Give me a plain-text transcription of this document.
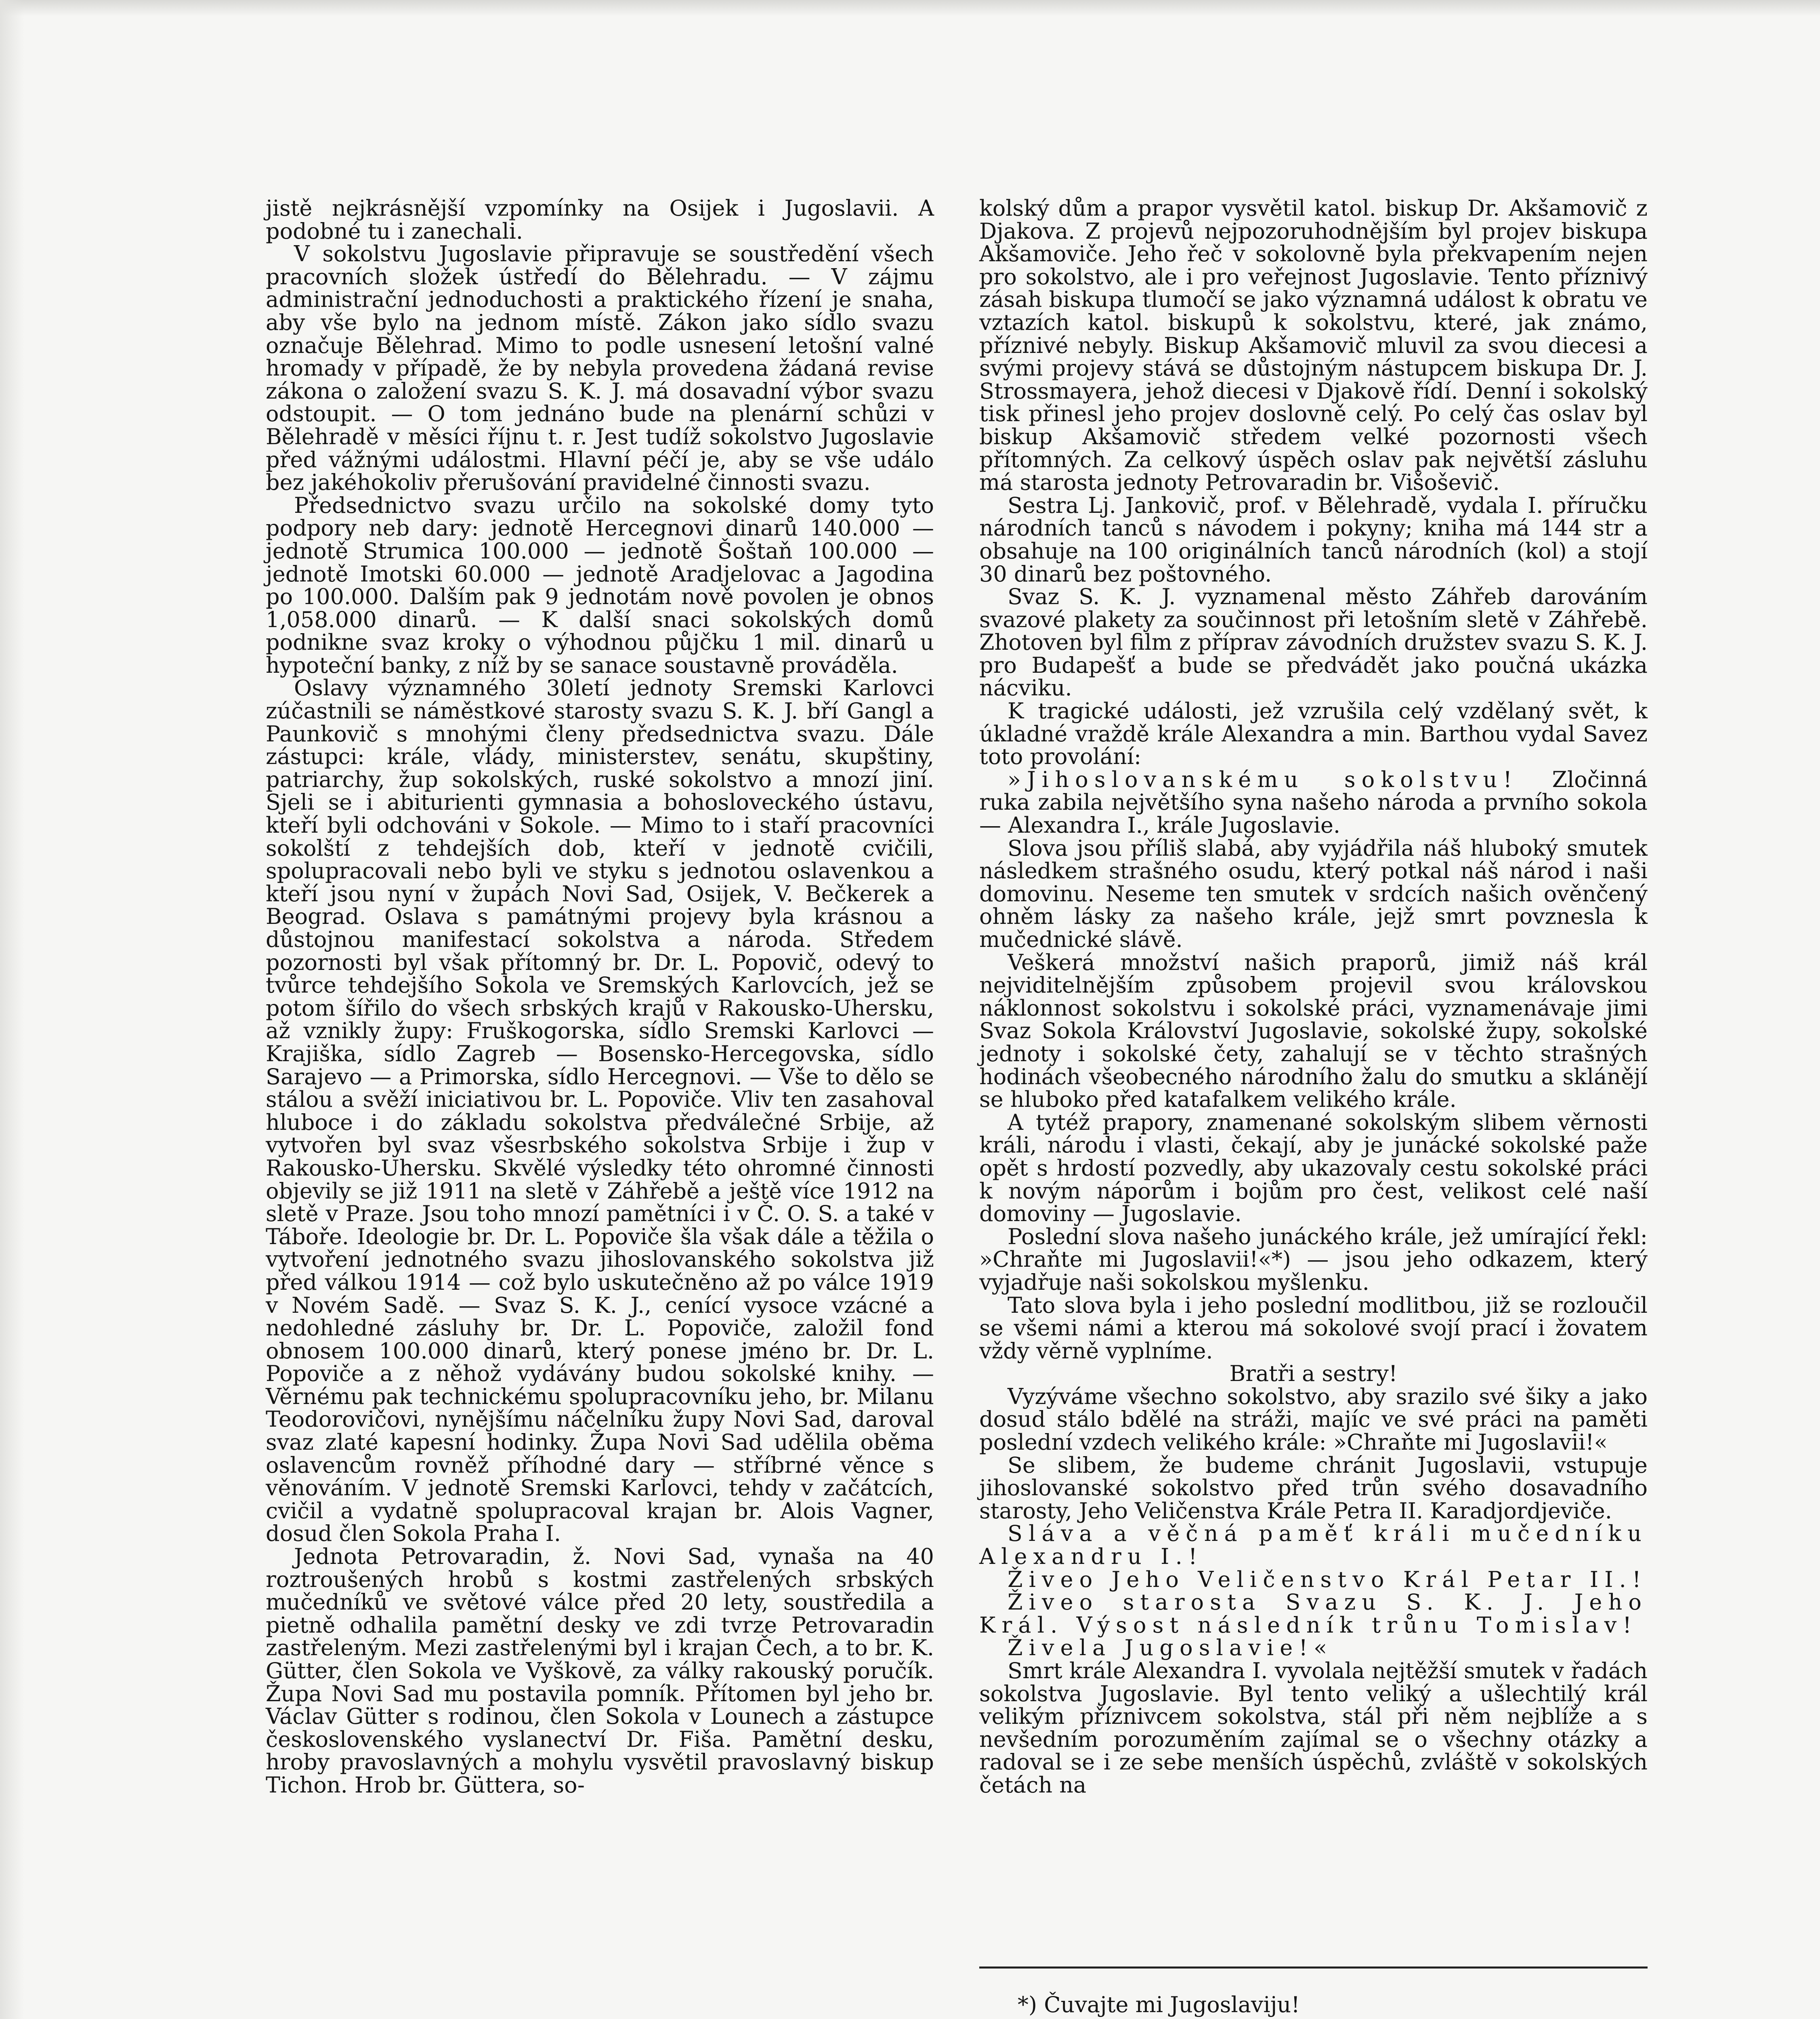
jistě nejkrásnější vzpomínky na Osijek i Jugoslavii. A podobné tu i zanechali.

V sokolstvu Jugoslavie připravuje se soustředění všech pracovních složek ústředí do Bělehradu. — V zájmu administrační jednoduchosti a praktického řízení je snaha, aby vše bylo na jednom místě. Zákon jako sídlo svazu označuje Bělehrad. Mimo to podle usnesení letošní valné hromady v případě, že by nebyla provedena žádaná revise zákona o založení svazu S. K. J. má dosavadní výbor svazu odstoupit. — O tom jednáno bude na plenární schůzi v Bělehradě v měsíci říjnu t. r. Jest tudíž sokolstvo Jugoslavie před vážnými událostmi. Hlavní péčí je, aby se vše událo bez jakéhokoliv přerušování pravidelné činnosti svazu.

Předsednictvo svazu určilo na sokolské domy tyto podpory neb dary: jednotě Hercegnovi dinarů 140.000 — jednotě Strumica 100.000 — jednotě Šoštaň 100.000 — jednotě Imotski 60.000 — jednotě Aradjelovac a Jagodina po 100.000. Dalším pak 9 jednotám nově povolen je obnos 1,058.000 dinarů. — K další snaci sokolských domů podnikne svaz kroky o výhodnou půjčku 1 mil. dinarů u hypoteční banky, z níž by se sanace soustavně prováděla.

Oslavy významného 30letí jednoty Sremski Karlovci zúčastnili se náměstkové starosty svazu S. K. J. bří Gangl a Paunkovič s mnohými členy předsednictva svazu. Dále zástupci: krále, vlády, ministerstev, senátu, skupštiny, patriarchy, žup sokolských, ruské sokolstvo a mnozí jiní. Sjeli se i abiturienti gymnasia a bohosloveckého ústavu, kteří byli odchováni v Sokole. — Mimo to i staří pracovníci sokolští z tehdejších dob, kteří v jednotě cvičili, spolupracovali nebo byli ve styku s jednotou oslavenkou a kteří jsou nyní v župách Novi Sad, Osijek, V. Bečkerek a Beograd. Oslava s památnými projevy byla krásnou a důstojnou manifestací sokolstva a národa. Středem pozornosti byl však přítomný br. Dr. L. Popovič, odevý to tvůrce tehdejšího Sokola ve Sremských Karlovcích, jež se potom šířilo do všech srbských krajů v Rakousko-Uhersku, až vznikly župy: Fruškogorska, sídlo Sremski Karlovci — Krajiška, sídlo Zagreb — Bosensko-Hercegovska, sídlo Sarajevo — a Primorska, sídlo Hercegnovi. — Vše to dělo se stálou a svěží iniciativou br. L. Popoviče. Vliv ten zasahoval hluboce i do základu sokolstva předválečné Srbije, až vytvořen byl svaz všesrbského sokolstva Srbije i žup v Rakousko-Uhersku. Skvělé výsledky této ohromné činnosti objevily se již 1911 na sletě v Záhřebě a ještě více 1912 na sletě v Praze. Jsou toho mnozí pamětníci i v Č. O. S. a také v Táboře. Ideologie br. Dr. L. Popoviče šla však dále a těžila o vytvoření jednotného svazu jihoslovanského sokolstva již před válkou 1914 — což bylo uskutečněno až po válce 1919 v Novém Sadě. — Svaz S. K. J., cenící vysoce vzácné a nedohledné zásluhy br. Dr. L. Popoviče, založil fond obnosem 100.000 dinarů, který ponese jméno br. Dr. L. Popoviče a z něhož vydávány budou sokolské knihy. — Věrnému pak technickému spolupracovníku jeho, br. Milanu Teodorovičovi, nynějšímu náčelníku župy Novi Sad, daroval svaz zlaté kapesní hodinky. Župa Novi Sad udělila oběma oslavencům rovněž příhodné dary — stříbrné věnce s věnováním. V jednotě Sremski Karlovci, tehdy v začátcích, cvičil a vydatně spolupracoval krajan br. Alois Vagner, dosud člen Sokola Praha I.

Jednota Petrovaradin, ž. Novi Sad, vynaša na 40 roztroušených hrobů s kostmi zastřelených srbských mučedníků ve světové válce před 20 lety, soustředila a pietně odhalila pamětní desky ve zdi tvrze Petrovaradin zastřeleným. Mezi zastřelenými byl i krajan Čech, a to br. K. Gütter, člen Sokola ve Vyškově, za války rakouský poručík. Župa Novi Sad mu postavila pomník. Přítomen byl jeho br. Václav Gütter s rodinou, člen Sokola v Lounech a zástupce československého vyslanectví Dr. Fiša. Pamětní desku, hroby pravoslavných a mohylu vysvětil pravoslavný biskup Tichon. Hrob br. Güttera, so-

kolský dům a prapor vysvětil katol. biskup Dr. Akšamovič z Djakova. Z projevů nejpozoruhodnějším byl projev biskupa Akšamoviče. Jeho řeč v sokolovně byla překvapením nejen pro sokolstvo, ale i pro veřejnost Jugoslavie. Tento příznivý zásah biskupa tlumočí se jako významná událost k obratu ve vztazích katol. biskupů k sokolstvu, které, jak známo, příznivé nebyly. Biskup Akšamovič mluvil za svou diecesi a svými projevy stává se důstojným nástupcem biskupa Dr. J. Strossmayera, jehož diecesi v Djakově řídí. Denní i sokolský tisk přinesl jeho projev doslovně celý. Po celý čas oslav byl biskup Akšamovič středem velké pozornosti všech přítomných. Za celkový úspěch oslav pak největší zásluhu má starosta jednoty Petrovaradin br. Višoševič.

Sestra Lj. Jankovič, prof. v Bělehradě, vydala I. příručku národních tanců s návodem i pokyny; kniha má 144 str a obsahuje na 100 originálních tanců národních (kol) a stojí 30 dinarů bez poštovného.

Svaz S. K. J. vyznamenal město Záhřeb darováním svazové plakety za součinnost při letošním sletě v Záhřebě. Zhotoven byl film z příprav závodních družstev svazu S. K. J. pro Budapešť a bude se předvádět jako poučná ukázka nácviku.

K tragické události, jež vzrušila celý vzdělaný svět, k úkladné vraždě krále Alexandra a min. Barthou vydal Savez toto provolání:

»Jihoslovanskému sokolstvu! Zločinná ruka zabila největšího syna našeho národa a prvního sokola — Alexandra I., krále Jugoslavie.

Slova jsou příliš slabá, aby vyjádřila náš hluboký smutek následkem strašného osudu, který potkal náš národ i naši domovinu. Neseme ten smutek v srdcích našich ověnčený ohněm lásky za našeho krále, jejž smrt povznesla k mučednické slávě.

Veškerá množství našich praporů, jimiž náš král nejviditelnějším způsobem projevil svou královskou náklonnost sokolstvu i sokolské práci, vyznamenávaje jimi Svaz Sokola Království Jugoslavie, sokolské župy, sokolské jednoty i sokolské čety, zahalují se v těchto strašných hodinách všeobecného národního žalu do smutku a sklánějí se hluboko před katafalkem velikého krále.

A tytéž prapory, znamenané sokolským slibem věrnosti králi, národu i vlasti, čekají, aby je junácké sokolské paže opět s hrdostí pozvedly, aby ukazovaly cestu sokolské práci k novým náporům i bojům pro čest, velikost celé naší domoviny — Jugoslavie.

Poslední slova našeho junáckého krále, jež umírající řekl: »Chraňte mi Jugoslavii!«*) — jsou jeho odkazem, který vyjadřuje naši sokolskou myšlenku.

Tato slova byla i jeho poslední modlitbou, již se rozloučil se všemi námi a kterou má sokolové svojí prací i žovatem vždy věrně vyplníme.

Bratři a sestry!

Vyzýváme všechno sokolstvo, aby srazilo své šiky a jako dosud stálo bdělé na stráži, majíc ve své práci na paměti poslední vzdech velikého krále: »Chraňte mi Jugoslavii!«

Se slibem, že budeme chránit Jugoslavii, vstupuje jihoslovanské sokolstvo před trůn svého dosavadního starosty, Jeho Veličenstva Krále Petra II. Karadjordjeviče.

Sláva a věčná paměť králi mučedníku Alexandru I.!

Živeo Jeho Veličenstvo Král Petar II.!

Živeo starosta Svazu S. K. J. Jeho Král. Výsost následník trůnu Tomislav!

Živela Jugoslavie!«

Smrt krále Alexandra I. vyvolala nejtěžší smutek v řadách sokolstva Jugoslavie. Byl tento veliký a ušlechtilý král velikým příznivcem sokolstva, stál při něm nejblíže a s nevšedním porozuměním zajímal se o všechny otázky a radoval se i ze sebe menších úspěchů, zvláště v sokolských četách na

*) Čuvajte mi Jugoslaviju!
